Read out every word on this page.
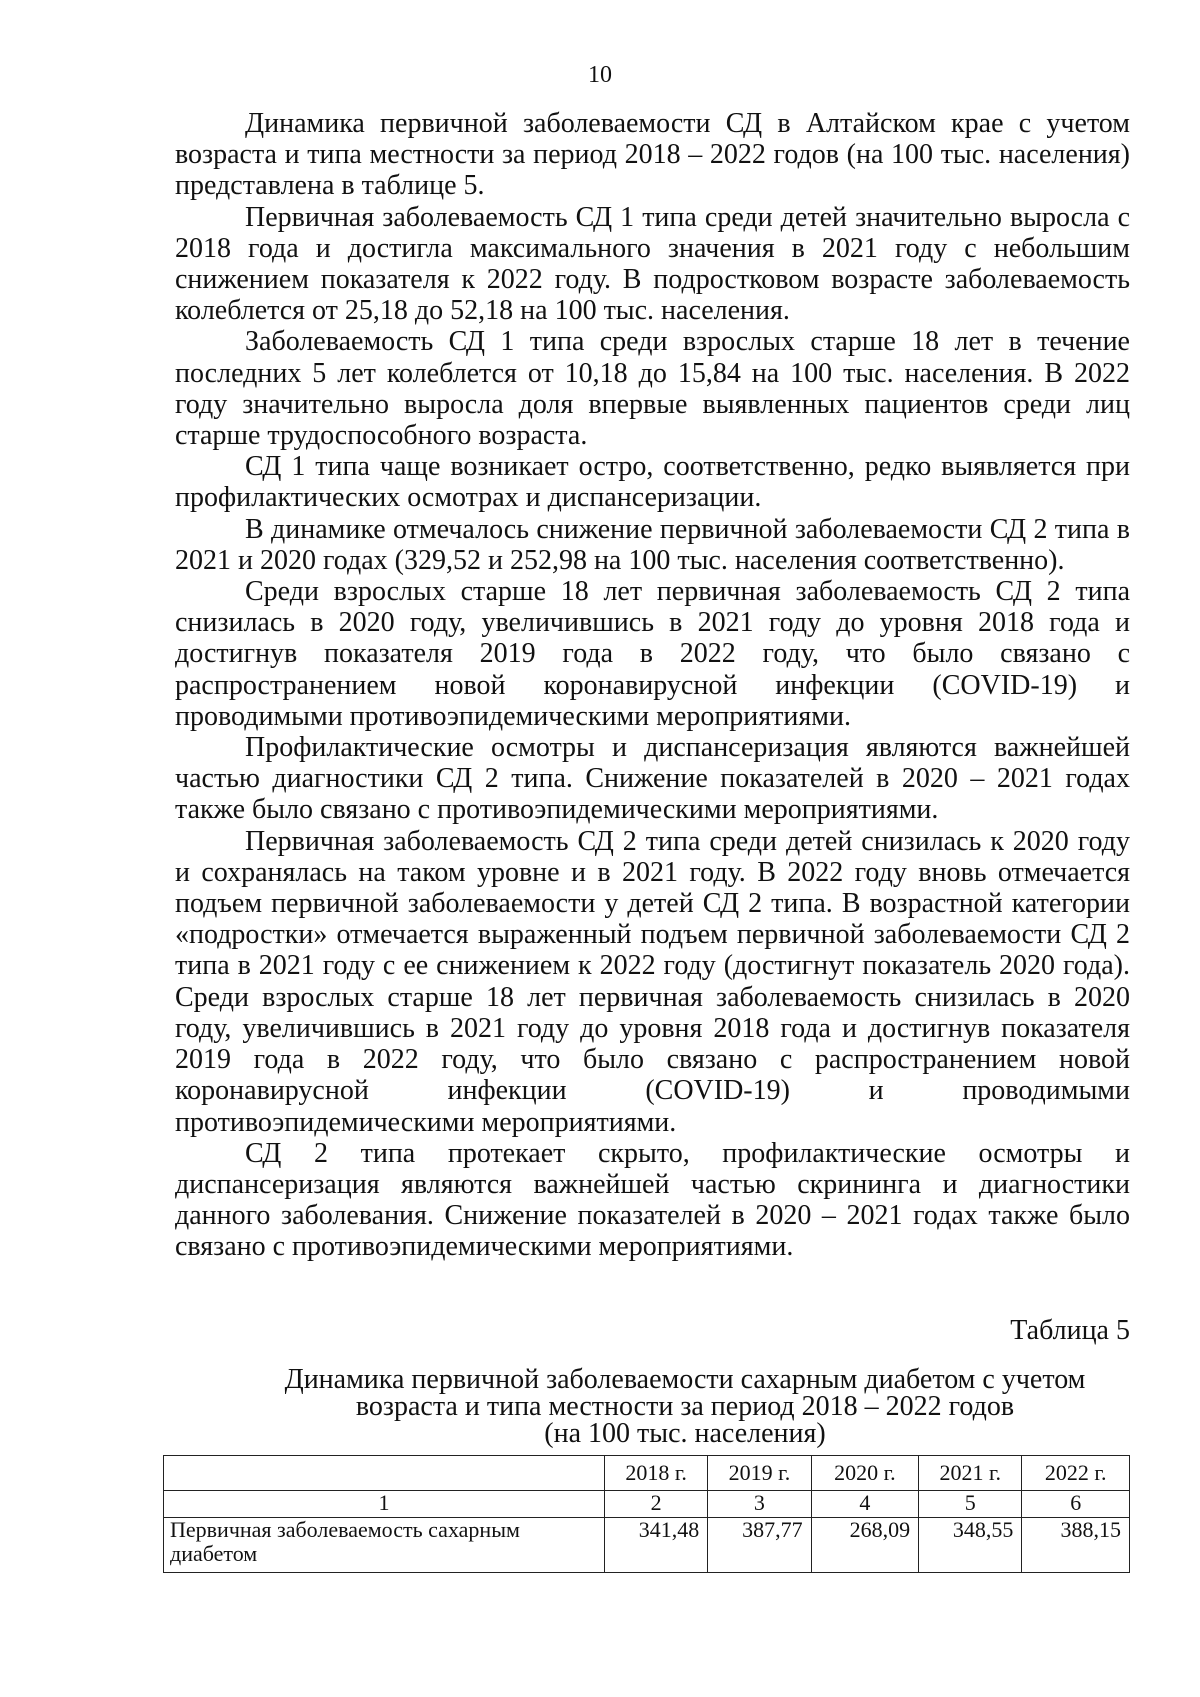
10

Динамика первичной заболеваемости СД в Алтайском крае с учетом возраста и типа местности за период 2018 – 2022 годов (на 100 тыс. населения) представлена в таблице 5.

Первичная заболеваемость СД 1 типа среди детей значительно выросла с 2018 года и достигла максимального значения в 2021 году с небольшим снижением показателя к 2022 году. В подростковом возрасте заболеваемость колеблется от 25,18 до 52,18 на 100 тыс. населения.

Заболеваемость СД 1 типа среди взрослых старше 18 лет в течение последних 5 лет колеблется от 10,18 до 15,84 на 100 тыс. населения. В 2022 году значительно выросла доля впервые выявленных пациентов среди лиц старше трудоспособного возраста.

СД 1 типа чаще возникает остро, соответственно, редко выявляется при профилактических осмотрах и диспансеризации.

В динамике отмечалось снижение первичной заболеваемости СД 2 типа в 2021 и 2020 годах (329,52 и 252,98 на 100 тыс. населения соответственно).

Среди взрослых старше 18 лет первичная заболеваемость СД 2 типа снизилась в 2020 году, увеличившись в 2021 году до уровня 2018 года и достигнув показателя 2019 года в 2022 году, что было связано с распространением новой коронавирусной инфекции (COVID-19) и проводимыми противоэпидемическими мероприятиями.

Профилактические осмотры и диспансеризация являются важнейшей частью диагностики СД 2 типа. Снижение показателей в 2020 – 2021 годах также было связано с противоэпидемическими мероприятиями.

Первичная заболеваемость СД 2 типа среди детей снизилась к 2020 году и сохранялась на таком уровне и в 2021 году. В 2022 году вновь отмечается подъем первичной заболеваемости у детей СД 2 типа. В возрастной категории «подростки» отмечается выраженный подъем первичной заболеваемости СД 2 типа в 2021 году с ее снижением к 2022 году (достигнут показатель 2020 года). Среди взрослых старше 18 лет первичная заболеваемость снизилась в 2020 году, увеличившись в 2021 году до уровня 2018 года и достигнув показателя 2019 года в 2022 году, что было связано с распространением новой коронавирусной инфекции (COVID-19) и проводимыми противоэпидемическими мероприятиями.

СД 2 типа протекает скрыто, профилактические осмотры и диспансеризация являются важнейшей частью скрининга и диагностики данного заболевания. Снижение показателей в 2020 – 2021 годах также было связано с противоэпидемическими мероприятиями.

Таблица 5
Динамика первичной заболеваемости сахарным диабетом с учетом
возраста и типа местности за период 2018 – 2022 годов
(на 100 тыс. населения)
	2018 г.	2019 г.	2020 г.	2021 г.	2022 г.
1	2	3	4	5	6
Первичная заболеваемость сахарным диабетом	341,48	387,77	268,09	348,55	388,15
